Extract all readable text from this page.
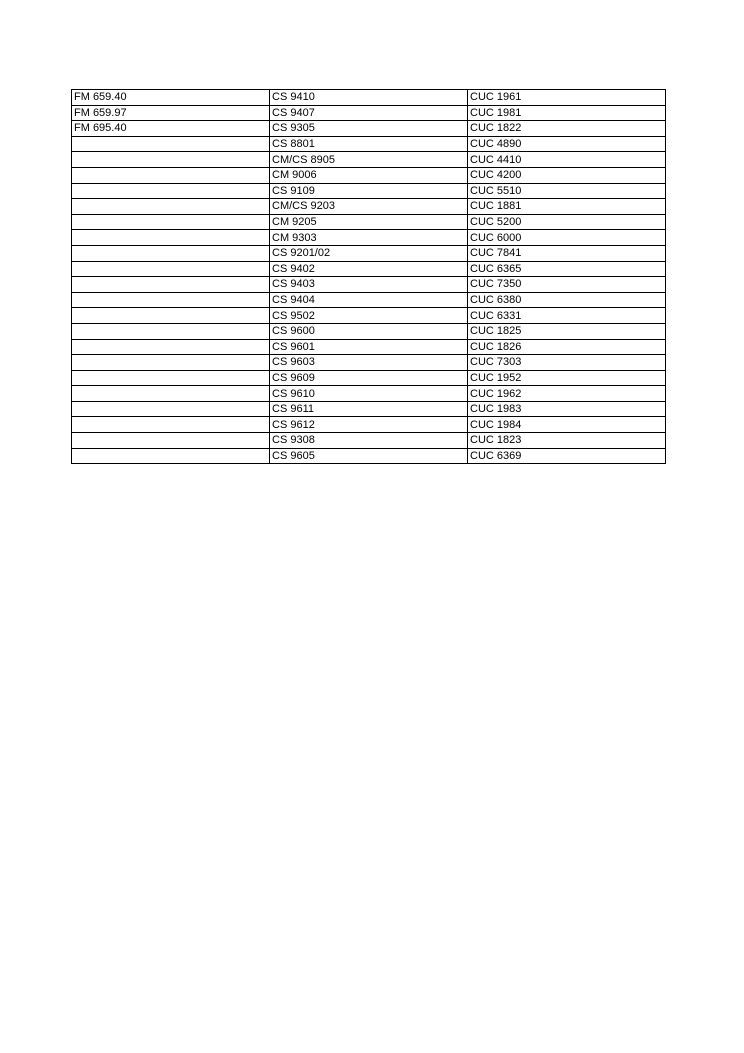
FM 659.40	CS 9410	CUC 1961
FM 659.97	CS 9407	CUC 1981
FM 695.40	CS 9305	CUC 1822
	CS 8801	CUC 4890
	CM/CS 8905	CUC 4410
	CM 9006	CUC 4200
	CS 9109	CUC 5510
	CM/CS 9203	CUC 1881
	CM 9205	CUC 5200
	CM 9303	CUC 6000
	CS 9201/02	CUC 7841
	CS 9402	CUC 6365
	CS 9403	CUC 7350
	CS 9404	CUC 6380
	CS 9502	CUC 6331
	CS 9600	CUC 1825
	CS 9601	CUC 1826
	CS 9603	CUC 7303
	CS 9609	CUC 1952
	CS 9610	CUC 1962
	CS 9611	CUC 1983
	CS 9612	CUC 1984
	CS 9308	CUC 1823
	CS 9605	CUC 6369
